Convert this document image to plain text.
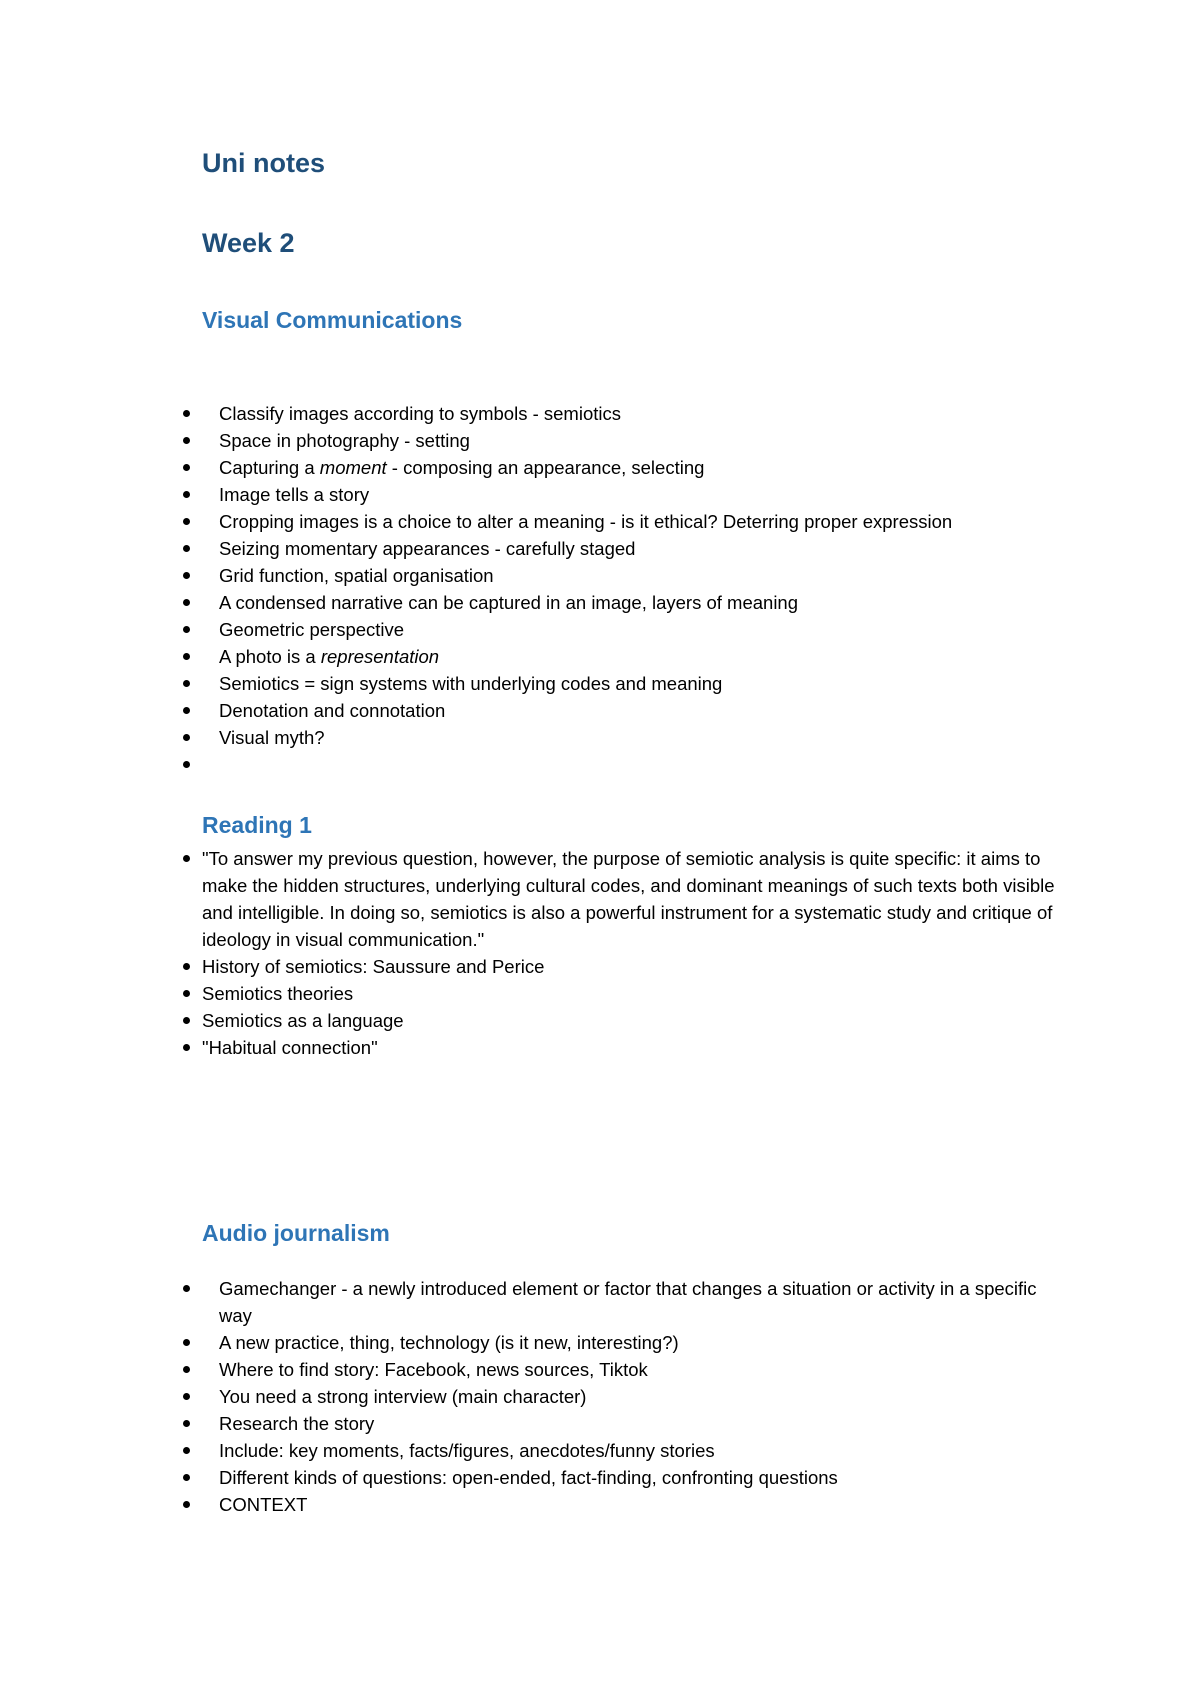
Uni notes
Week 2
Visual Communications
Classify images according to symbols - semiotics
Space in photography - setting
Capturing a moment - composing an appearance, selecting
Image tells a story
Cropping images is a choice to alter a meaning - is it ethical? Deterring proper expression
Seizing momentary appearances - carefully staged
Grid function, spatial organisation
A condensed narrative can be captured in an image, layers of meaning
Geometric perspective
A photo is a representation
Semiotics = sign systems with underlying codes and meaning
Denotation and connotation
Visual myth?

Reading 1
"To answer my previous question, however, the purpose of semiotic analysis is quite specific: it aims to make the hidden structures, underlying cultural codes, and dominant meanings of such texts both visible and intelligible. In doing so, semiotics is also a powerful instrument for a systematic study and critique of ideology in visual communication."
History of semiotics: Saussure and Perice
Semiotics theories
Semiotics as a language
"Habitual connection"
Audio journalism
Gamechanger - a newly introduced element or factor that changes a situation or activity in a specific way
A new practice, thing, technology (is it new, interesting?)
Where to find story: Facebook, news sources, Tiktok
You need a strong interview (main character)
Research the story
Include: key moments, facts/figures, anecdotes/funny stories
Different kinds of questions: open-ended, fact-finding, confronting questions
CONTEXT
